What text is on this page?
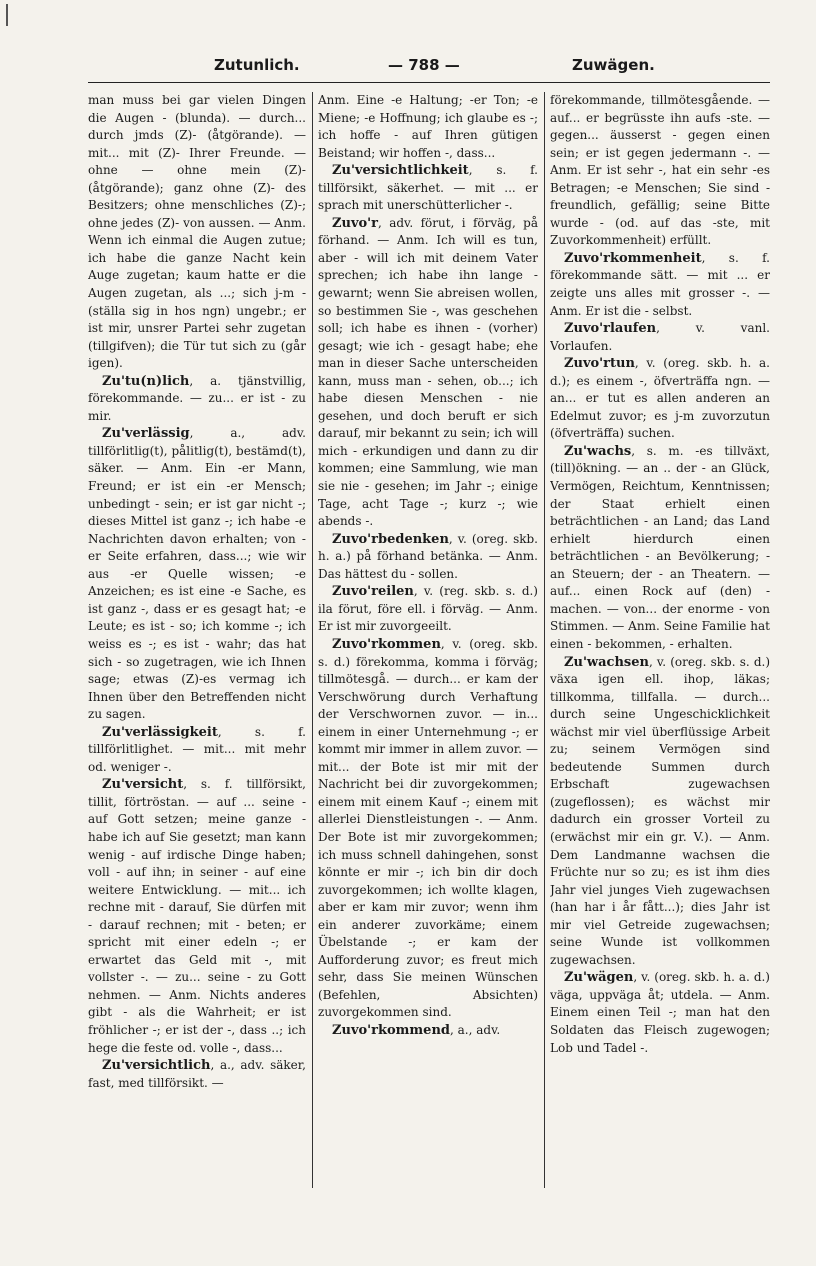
Zutunlich.	— 788 —	Zuwägen.

man muss bei gar vielen Dingen die Augen - (blunda). — durch... durch jmds (Z)- (åtgörande). — mit... mit (Z)- Ihrer Freunde. — ohne — ohne mein (Z)- (åtgörande); ganz ohne (Z)- des Besitzers; ohne menschliches (Z)-; ohne jedes (Z)- von aussen. — Anm. Wenn ich einmal die Augen zutue; ich habe die ganze Nacht kein Auge zugetan; kaum hatte er die Augen zugetan, als ...; sich j-m - (ställa sig in hos ngn) ungebr.; er ist mir, unsrer Partei sehr zugetan (tillgifven); die Tür tut sich zu (går igen).

Zu'tu(n)lich, a. tjänstvillig, förekommande. — zu... er ist - zu mir.

Zu'verlässig, a., adv. tillförlitlig(t), pålitlig(t), bestämd(t), säker. — Anm. Ein -er Mann, Freund; er ist ein -er Mensch; unbedingt - sein; er ist gar nicht -; dieses Mittel ist ganz -; ich habe -e Nachrichten davon erhalten; von -er Seite erfahren, dass...; wie wir aus -er Quelle wissen; -e Anzeichen; es ist eine -e Sache, es ist ganz -, dass er es gesagt hat; -e Leute; es ist - so; ich komme -; ich weiss es -; es ist - wahr; das hat sich - so zugetragen, wie ich Ihnen sage; etwas (Z)-es vermag ich Ihnen über den Betreffenden nicht zu sagen.

Zu'verlässigkeit, s. f. tillförlitlighet. — mit... mit mehr od. weniger -.

Zu'versicht, s. f. tillförsikt, tillit, förtröstan. — auf ... seine - auf Gott setzen; meine ganze - habe ich auf Sie gesetzt; man kann wenig - auf irdische Dinge haben; voll - auf ihn; in seiner - auf eine weitere Entwicklung. — mit... ich rechne mit - darauf, Sie dürfen mit - darauf rechnen; mit - beten; er spricht mit einer edeln -; er erwartet das Geld mit -, mit vollster -. — zu... seine - zu Gott nehmen. — Anm. Nichts anderes gibt - als die Wahrheit; er ist fröhlicher -; er ist der -, dass ..; ich hege die feste od. volle -, dass...

Zu'versichtlich, a., adv. säker, fast, med tillförsikt. —

Anm. Eine -e Haltung; -er Ton; -e Miene; -e Hoffnung; ich glaube es -; ich hoffe - auf Ihren gütigen Beistand; wir hoffen -, dass...

Zu'versichtlichkeit, s. f. tillförsikt, säkerhet. — mit ... er sprach mit unerschütterlicher -.

Zuvo'r, adv. förut, i förväg, på förhand. — Anm. Ich will es tun, aber - will ich mit deinem Vater sprechen; ich habe ihn lange - gewarnt; wenn Sie abreisen wollen, so bestimmen Sie -, was geschehen soll; ich habe es ihnen - (vorher) gesagt; wie ich - gesagt habe; ehe man in dieser Sache unterscheiden kann, muss man - sehen, ob...; ich habe diesen Menschen - nie gesehen, und doch beruft er sich darauf, mir bekannt zu sein; ich will mich - erkundigen und dann zu dir kommen; eine Sammlung, wie man sie nie - gesehen; im Jahr -; einige Tage, acht Tage -; kurz -; wie abends -.

Zuvo'rbedenken, v. (oreg. skb. h. a.) på förhand betänka. — Anm. Das hättest du - sollen.

Zuvo'reilen, v. (reg. skb. s. d.) ila förut, före ell. i förväg. — Anm. Er ist mir zuvorgeeilt.

Zuvo'rkommen, v. (oreg. skb. s. d.) förekomma, komma i förväg; tillmötesgå. — durch... er kam der Verschwörung durch Verhaftung der Verschwornen zuvor. — in... einem in einer Unternehmung -; er kommt mir immer in allem zuvor. — mit... der Bote ist mir mit der Nachricht bei dir zuvorgekommen; einem mit einem Kauf -; einem mit allerlei Dienstleistungen -. — Anm. Der Bote ist mir zuvorgekommen; ich muss schnell dahingehen, sonst könnte er mir -; ich bin dir doch zuvorgekommen; ich wollte klagen, aber er kam mir zuvor; wenn ihm ein anderer zuvorkäme; einem Übelstande -; er kam der Aufforderung zuvor; es freut mich sehr, dass Sie meinen Wünschen (Befehlen, Absichten) zuvorgekommen sind.

Zuvo'rkommend, a., adv.

förekommande, tillmötesgående. — auf... er begrüsste ihn aufs -ste. — gegen... äusserst - gegen einen sein; er ist gegen jedermann -. — Anm. Er ist sehr -, hat ein sehr -es Betragen; -e Menschen; Sie sind - freundlich, gefällig; seine Bitte wurde - (od. auf das -ste, mit Zuvorkommenheit) erfüllt.

Zuvo'rkommenheit, s. f. förekommande sätt. — mit ... er zeigte uns alles mit grosser -. — Anm. Er ist die - selbst.

Zuvo'rlaufen, v. vanl. Vorlaufen.

Zuvo'rtun, v. (oreg. skb. h. a. d.); es einem -, öfverträffa ngn. — an... er tut es allen anderen an Edelmut zuvor; es j-m zuvorzutun (öfverträffa) suchen.

Zu'wachs, s. m. -es tillväxt, (till)ökning. — an .. der - an Glück, Vermögen, Reichtum, Kenntnissen; der Staat erhielt einen beträchtlichen - an Land; das Land erhielt hierdurch einen beträchtlichen - an Bevölkerung; - an Steuern; der - an Theatern. — auf... einen Rock auf (den) - machen. — von... der enorme - von Stimmen. — Anm. Seine Familie hat einen - bekommen, - erhalten.

Zu'wachsen, v. (oreg. skb. s. d.) växa igen ell. ihop, läkas; tillkomma, tillfalla. — durch... durch seine Ungeschicklichkeit wächst mir viel überflüssige Arbeit zu; seinem Vermögen sind bedeutende Summen durch Erbschaft zugewachsen (zugeflossen); es wächst mir dadurch ein grosser Vorteil zu (erwächst mir ein gr. V.). — Anm. Dem Landmanne wachsen die Früchte nur so zu; es ist ihm dies Jahr viel junges Vieh zugewachsen (han har i år fått...); dies Jahr ist mir viel Getreide zugewachsen; seine Wunde ist vollkommen zugewachsen.

Zu'wägen, v. (oreg. skb. h. a. d.) väga, uppväga åt; utdela. — Anm. Einem einen Teil -; man hat den Soldaten das Fleisch zugewogen; Lob und Tadel -.
